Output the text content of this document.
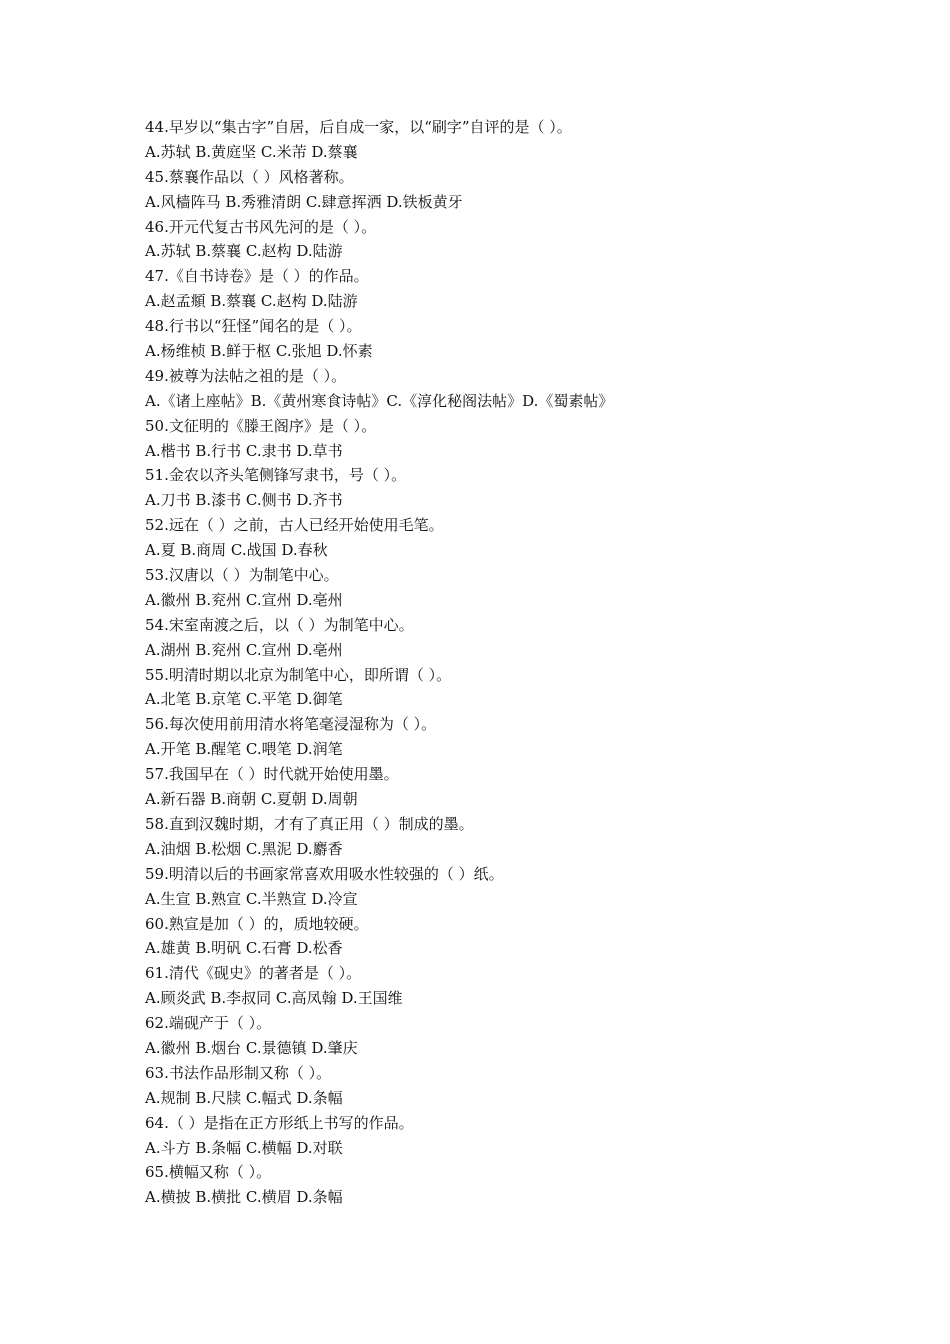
44.早岁以“集古字”自居，后自成一家，以“刷字”自评的是（ ）。
A.苏轼 B.黄庭坚 C.米芾 D.蔡襄
45.蔡襄作品以（ ）风格著称。
A.风樯阵马 B.秀雅清朗 C.肆意挥洒 D.铁板黄牙
46.开元代复古书风先河的是（ ）。
A.苏轼 B.蔡襄 C.赵构 D.陆游
47.《自书诗卷》是（ ）的作品。
A.赵孟頫 B.蔡襄 C.赵构 D.陆游
48.行书以“狂怪”闻名的是（ ）。
A.杨维桢 B.鲜于枢 C.张旭 D.怀素
49.被尊为法帖之祖的是（ ）。
A.《诸上座帖》B.《黄州寒食诗帖》C.《淳化秘阁法帖》D.《蜀素帖》
50.文征明的《滕王阁序》是（ ）。
A.楷书 B.行书 C.隶书 D.草书
51.金农以齐头笔侧锋写隶书，号（ ）。
A.刀书 B.漆书 C.侧书 D.齐书
52.远在（ ）之前，古人已经开始使用毛笔。
A.夏 B.商周 C.战国 D.春秋
53.汉唐以（ ）为制笔中心。
A.徽州 B.兖州 C.宣州 D.亳州
54.宋室南渡之后，以（ ）为制笔中心。
A.湖州 B.兖州 C.宣州 D.亳州
55.明清时期以北京为制笔中心，即所谓（ ）。
A.北笔 B.京笔 C.平笔 D.御笔
56.每次使用前用清水将笔毫浸湿称为（ ）。
A.开笔 B.醒笔 C.喂笔 D.润笔
57.我国早在（ ）时代就开始使用墨。
A.新石器 B.商朝 C.夏朝 D.周朝
58.直到汉魏时期，才有了真正用（ ）制成的墨。
A.油烟 B.松烟 C.黑泥 D.麝香
59.明清以后的书画家常喜欢用吸水性较强的（ ）纸。
A.生宣 B.熟宣 C.半熟宣 D.冷宣
60.熟宣是加（ ）的，质地较硬。
A.雄黄 B.明矾 C.石膏 D.松香
61.清代《砚史》的著者是（ ）。
A.顾炎武 B.李叔同 C.高凤翰 D.王国维
62.端砚产于（ ）。
A.徽州 B.烟台 C.景德镇 D.肇庆
63.书法作品形制又称（ ）。
A.规制 B.尺牍 C.幅式 D.条幅
64.（ ）是指在正方形纸上书写的作品。
A.斗方 B.条幅 C.横幅 D.对联
65.横幅又称（ ）。
A.横披 B.横批 C.横眉 D.条幅
